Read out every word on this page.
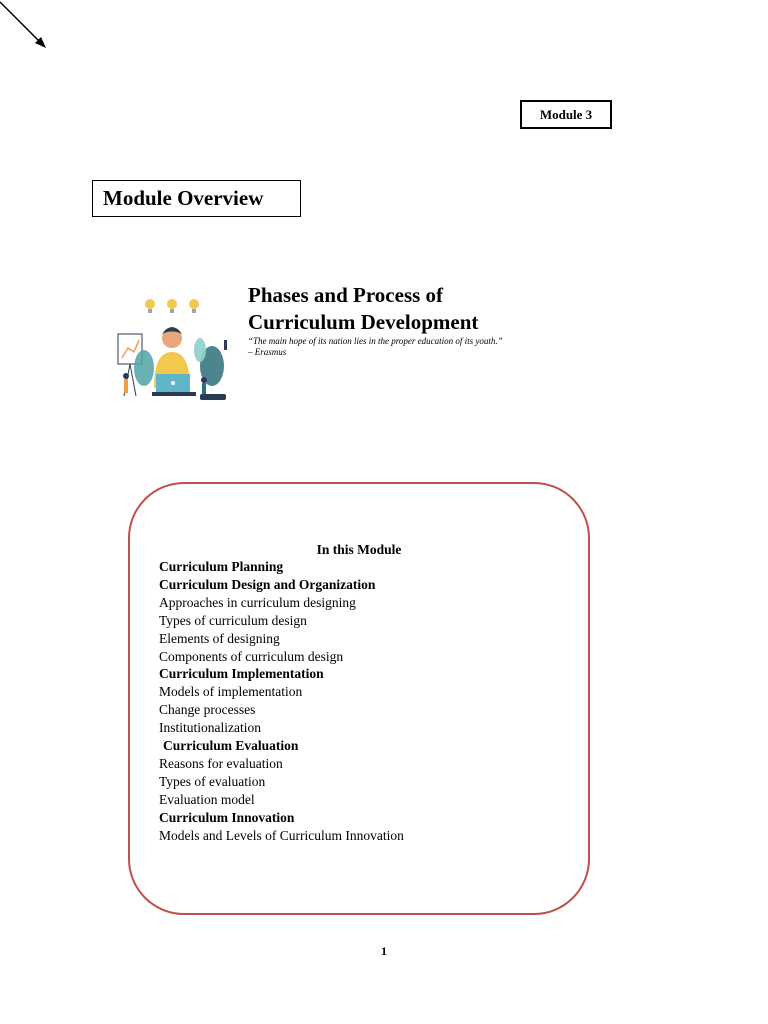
Module 3
Module Overview
Phases and Process of
Curriculum Development
“The main hope of its nation lies in the proper education of its youth.”
– Erasmus
In this Module
Curriculum Planning
Curriculum Design and Organization
Approaches in curriculum designing
Types of curriculum design
Elements of designing
Components of curriculum design
Curriculum Implementation
Models of implementation
Change processes
Institutionalization
Curriculum Evaluation
Reasons for evaluation
Types of evaluation
Evaluation model
Curriculum Innovation
Models and Levels of Curriculum Innovation
1
